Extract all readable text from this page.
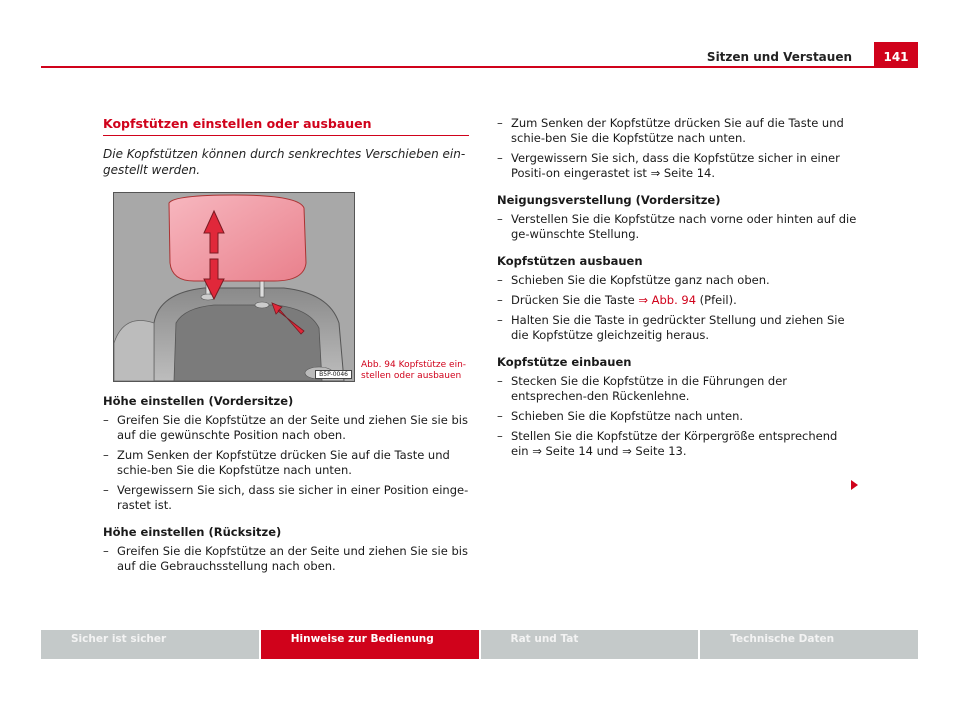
141
Sitzen und Verstauen
Kopfstützen einstellen oder ausbauen

Die Kopfstützen können durch senkrechtes Verschieben ein-gestellt werden.

B5P-0046
Abb. 94 Kopfstütze ein-stellen oder ausbauen
Höhe einstellen (Vordersitze)
– Greifen Sie die Kopfstütze an der Seite und ziehen Sie sie bis auf die gewünschte Position nach oben.
– Zum Senken der Kopfstütze drücken Sie auf die Taste und schie-ben Sie die Kopfstütze nach unten.
– Vergewissern Sie sich, dass sie sicher in einer Position einge-rastet ist.
Höhe einstellen (Rücksitze)
– Greifen Sie die Kopfstütze an der Seite und ziehen Sie sie bis auf die Gebrauchsstellung nach oben.
– Zum Senken der Kopfstütze drücken Sie auf die Taste und schie-ben Sie die Kopfstütze nach unten.
– Vergewissern Sie sich, dass die Kopfstütze sicher in einer Positi-on eingerastet ist ⇒ Seite 14.
Neigungsverstellung (Vordersitze)
– Verstellen Sie die Kopfstütze nach vorne oder hinten auf die ge-wünschte Stellung.
Kopfstützen ausbauen
– Schieben Sie die Kopfstütze ganz nach oben.
– Drücken Sie die Taste ⇒ Abb. 94 (Pfeil).
– Halten Sie die Taste in gedrückter Stellung und ziehen Sie die Kopfstütze gleichzeitig heraus.
Kopfstütze einbauen
– Stecken Sie die Kopfstütze in die Führungen der entsprechen-den Rückenlehne.
– Schieben Sie die Kopfstütze nach unten.
– Stellen Sie die Kopfstütze der Körpergröße entsprechend ein ⇒ Seite 14 und ⇒ Seite 13.
Sicher ist sicher	Hinweise zur Bedienung	Rat und Tat	Technische Daten
